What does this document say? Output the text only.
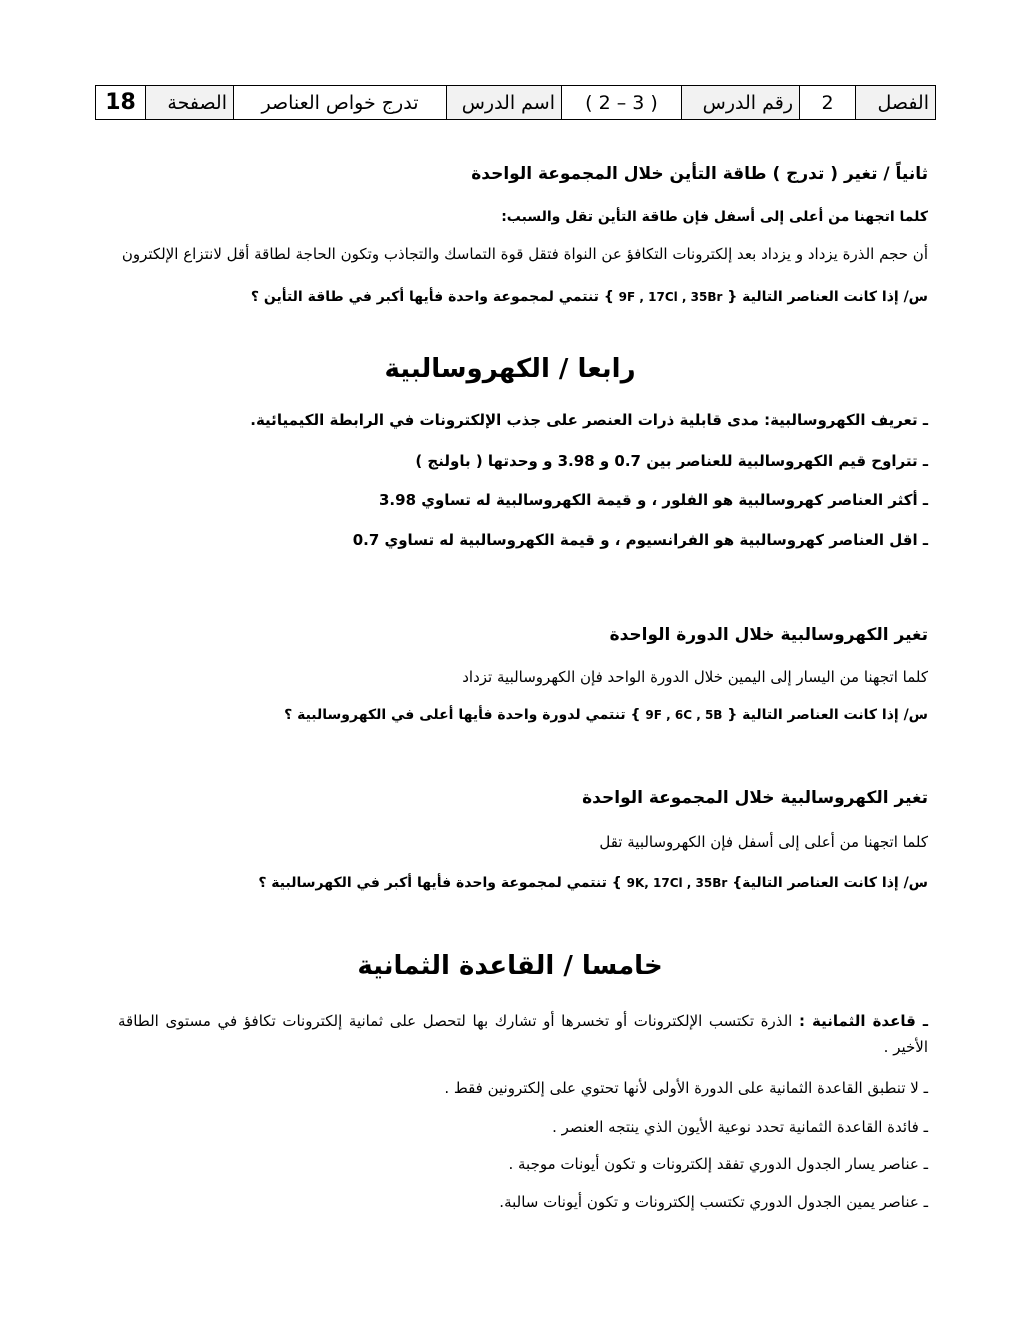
الفصل	2	رقم الدرس	( 3 – 2 )	اسم الدرس	تدرج خواص العناصر	الصفحة	18
ثانياً / تغير ( تدرج ) طاقة التأين خلال المجموعة الواحدة
كلما اتجهنا من أعلى إلى أسفل فإن طاقة التأين تقل والسبب:
أن حجم الذرة يزداد و يزداد بعد إلكترونات التكافؤ عن النواة فتقل قوة التماسك والتجاذب وتكون الحاجة لطاقة أقل لانتزاع الإلكترون
س/ إذا كانت العناصر التالية { 9F , 17Cl , 35Br } تنتمي لمجموعة واحدة فأيها أكبر في طاقة التأين ؟
رابعا / الكهروسالبية
ـ تعريف الكهروسالبية: مدى قابلية ذرات العنصر على جذب الإلكترونات في الرابطة الكيميائية.
ـ تتراوح قيم الكهروسالبية للعناصر بين 0.7 و 3.98 و وحدتها ( باولنج )
ـ أكثر العناصر كهروسالبية هو الفلور ، و قيمة الكهروسالبية له تساوي 3.98
ـ اقل العناصر كهروسالبية هو الفرانسيوم ، و قيمة الكهروسالبية له تساوي 0.7
تغير الكهروسالبية خلال الدورة الواحدة
كلما اتجهنا من اليسار إلى اليمين خلال الدورة الواحد فإن الكهروسالبية تزداد
س/ إذا كانت العناصر التالية { 9F , 6C , 5B } تنتمي لدورة واحدة فأيها أعلى في الكهروسالبية ؟
تغير الكهروسالبية خلال المجموعة الواحدة
كلما اتجهنا من أعلى إلى أسفل فإن الكهروسالبية تقل
س/ إذا كانت العناصر التالية} 9K, 17Cl , 35Br } تنتمي لمجموعة واحدة فأيها أكبر في الكهرسالبية ؟
خامسا / القاعدة الثمانية
ـ قاعدة الثمانية : الذرة تكتسب الإلكترونات أو تخسرها أو تشارك بها لتحصل على ثمانية إلكترونات تكافؤ في مستوى الطاقة الأخير .
ـ لا تنطبق القاعدة الثمانية على الدورة الأولى لأنها تحتوي على إلكترونين فقط .
ـ فائدة القاعدة الثمانية تحدد نوعية الأيون الذي ينتجه العنصر .
ـ عناصر يسار الجدول الدوري تفقد إلكترونات و تكون أيونات موجبة .
ـ عناصر يمين الجدول الدوري تكتسب إلكترونات و تكون أيونات سالبة.
